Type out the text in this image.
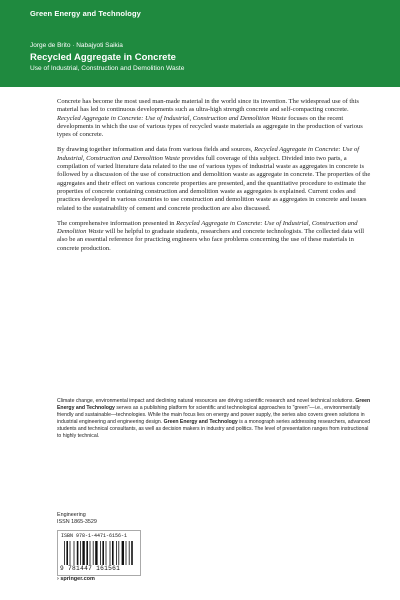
Green Energy and Technology
Jorge de Brito · Nabajyoti Saikia
Recycled Aggregate in Concrete
Use of Industrial, Construction and Demolition Waste

Concrete has become the most used man-made material in the world since its invention. The widespread use of this material has led to continuous developments such as ultra-high strength concrete and self-compacting concrete. Recycled Aggregate in Concrete: Use of Industrial, Construction and Demolition Waste focuses on the recent developments in which the use of various types of recycled waste materials as aggregate in the production of various types of concrete.

By drawing together information and data from various fields and sources, Recycled Aggregate in Concrete: Use of Industrial, Construction and Demolition Waste provides full coverage of this subject. Divided into two parts, a compilation of varied literature data related to the use of various types of industrial waste as aggregates in concrete is followed by a discussion of the use of construction and demolition waste as aggregate in concrete. The properties of the aggregates and their effect on various concrete properties are presented, and the quantitative procedure to estimate the properties of concrete containing construction and demolition waste as aggregates is explained. Current codes and practices developed in various countries to use construction and demolition waste as aggregates in concrete and issues related to the sustainability of cement and concrete production are also discussed.

The comprehensive information presented in Recycled Aggregate in Concrete: Use of Industrial, Construction and Demolition Waste will be helpful to graduate students, researchers and concrete technologists. The collected data will also be an essential reference for practicing engineers who face problems concerning the use of these materials in concrete production.

Climate change, environmental impact and declining natural resources are driving scientific research and novel technical solutions. Green Energy and Technology serves as a publishing platform for scientific and technological approaches to "green"—i.e., environmentally friendly and sustainable—technologies. While the main focus lies on energy and power supply, the series also covers green solutions in industrial engineering and engineering design. Green Energy and Technology is a monograph series addressing researchers, advanced students and technical consultants, as well as decision makers in industry and politics. The level of presentation ranges from instructional to highly technical.
Engineering
ISSN 1865-3529
ISBN 978-1-4471-6156-1
9 781447 161561
› springer.com
